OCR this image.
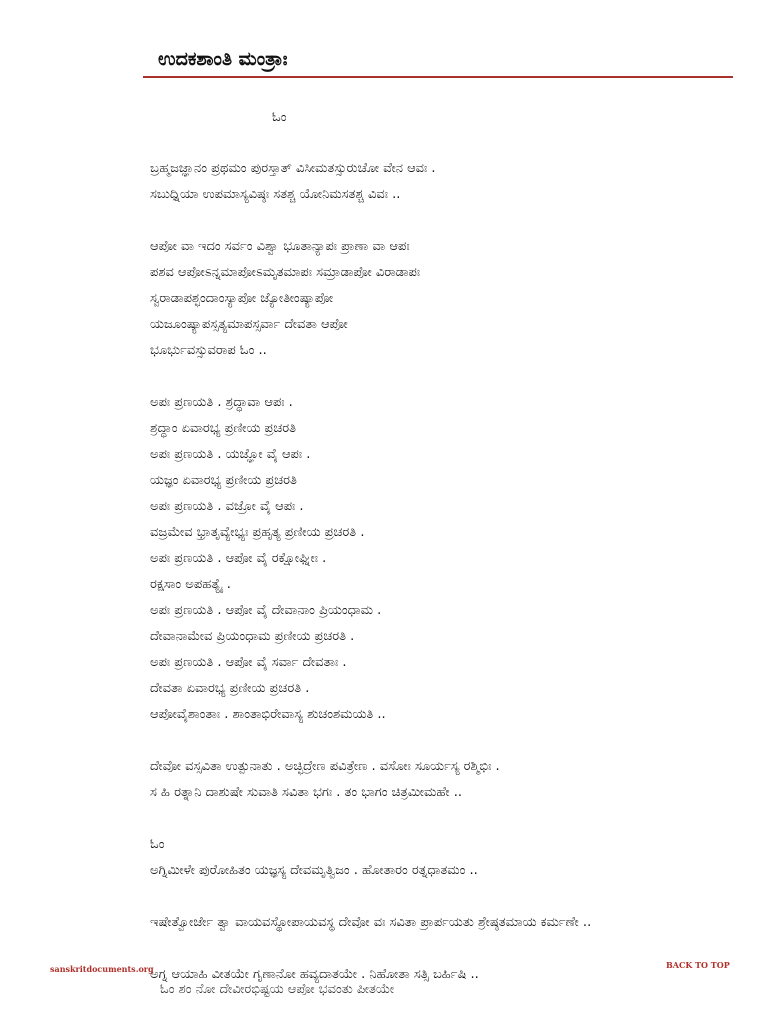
ಉದಕಶಾಂತಿ ಮಂತ್ರಾಃ
ಓಂ
ಬ್ರಹ್ಮಜಜ್ಞಾನಂ ಪ್ರಥಮಂ ಪುರಸ್ತಾತ್ ವಿಸೀಮತಸ್ಸುರುಚೋ ವೇನ ಆವಃ .
ಸಬುಧ್ನಿಯಾ ಉಪಮಾಸ್ಯವಿಷ್ಠಃ ಸತಶ್ಚ ಯೋನಿಮಸತಶ್ಚ ವಿವಃ ..
ಆಪೋ ವಾ ಇದಂ ಸರ್ವಂ ವಿಶ್ವಾ ಭೂತಾನ್ಯಾಪಃ ಪ್ರಾಣಾ ವಾ ಆಪಃ
ಪಶವ ಆಪೋಽನ್ನಮಾಪೋಽಮೃತಮಾಪಃ ಸಮ್ರಾಡಾಪೋ ವಿರಾಡಾಪಃ
ಸ್ವರಾಡಾಪಶ್ಛಂದಾಂಸ್ಯಾಪೋ ಜ್ಯೋತೀಂಷ್ಯಾಪೋ
ಯಜೂಂಷ್ಯಾಪಸ್ಸತ್ಯಮಾಪಸ್ಸರ್ವಾ ದೇವತಾ ಆಪೋ
ಭೂರ್ಭುವಸ್ಸುವರಾಪ ಓಂ ..
ಅಪಃ ಪ್ರಣಯತಿ . ಶ್ರದ್ಧಾವಾ ಆಪಃ .
ಶ್ರದ್ಧಾಂ ಏವಾರಭ್ಯ ಪ್ರಣೀಯ ಪ್ರಚರತಿ
ಅಪಃ ಪ್ರಣಯತಿ . ಯಜ್ಞೋ ವೈ ಆಪಃ .
ಯಜ್ಞಂ ಏವಾರಭ್ಯ ಪ್ರಣೀಯ ಪ್ರಚರತಿ
ಅಪಃ ಪ್ರಣಯತಿ . ವಜ್ರೋ ವೈ ಆಪಃ .
ವಜ್ರಮೇವ ಭ್ರಾತೃವ್ಯೇಭ್ಯಃ ಪ್ರಹೃತ್ಯ ಪ್ರಣೀಯ ಪ್ರಚರತಿ .
ಅಪಃ ಪ್ರಣಯತಿ . ಆಪೋ ವೈ ರಕ್ಷೋಘ್ನೀಃ .
ರಕ್ಷಸಾಂ ಅಪಹತ್ಯೈ .
ಅಪಃ ಪ್ರಣಯತಿ . ಆಪೋ ವೈ ದೇವಾನಾಂ ಪ್ರಿಯಂಧಾಮ .
ದೇವಾನಾಮೇವ ಪ್ರಿಯಂಧಾಮ ಪ್ರಣೀಯ ಪ್ರಚರತಿ .
ಅಪಃ ಪ್ರಣಯತಿ . ಆಪೋ ವೈ ಸರ್ವಾ ದೇವತಾಃ .
ದೇವತಾ ಏವಾರಭ್ಯ ಪ್ರಣೀಯ ಪ್ರಚರತಿ .
ಆಪೋವೈಶಾಂತಾಃ . ಶಾಂತಾಭಿರೇವಾಸ್ಯ ಶುಚಂಶಮಯತಿ ..
ದೇವೋ ವಸ್ಸವಿತಾ ಉತ್ಪುನಾತು . ಅಚ್ಛಿದ್ರೇಣ ಪವಿತ್ರೇಣ . ವಸೋಃ ಸೂರ್ಯಸ್ಯ ರಶ್ಮಿಭಿಃ .
ಸ ಹಿ ರತ್ನಾನಿ ದಾಶುಷೇ ಸುವಾತಿ ಸವಿತಾ ಭಗಃ . ತಂ ಭಾಗಂ ಚಿತ್ರಮೀಮಹೇ ..
ಓಂ
ಅಗ್ನಿಮೀಳೇ ಪುರೋಹಿತಂ ಯಜ್ಞಸ್ಯ ದೇವಮೃತ್ವಿಜಂ . ಹೋತಾರಂ ರತ್ನಧಾತಮಂ ..
ಇಷೇತ್ವೋರ್ಜೇ ತ್ವಾ ವಾಯವಸ್ಥೋಪಾಯವಸ್ಥ ದೇವೋ ವಃ ಸವಿತಾ ಪ್ರಾರ್ಪಯತು ಶ್ರೇಷ್ಠತಮಾಯ ಕರ್ಮಣೇ ..
ಅಗ್ನ ಆಯಾಹಿ ವೀತಯೇ ಗೃಣಾನೋ ಹವ್ಯದಾತಯೇ . ನಿಹೋತಾ ಸತ್ಸಿ ಬರ್ಹಿಷಿ ..
sanskritdocuments.org	BACK TO TOP
ಓಂ ಶಂ ನೋ ದೇವೀರಭಿಷ್ಟಯ ಆಪೋ ಭವಂತು ಪೀತಯೇ
